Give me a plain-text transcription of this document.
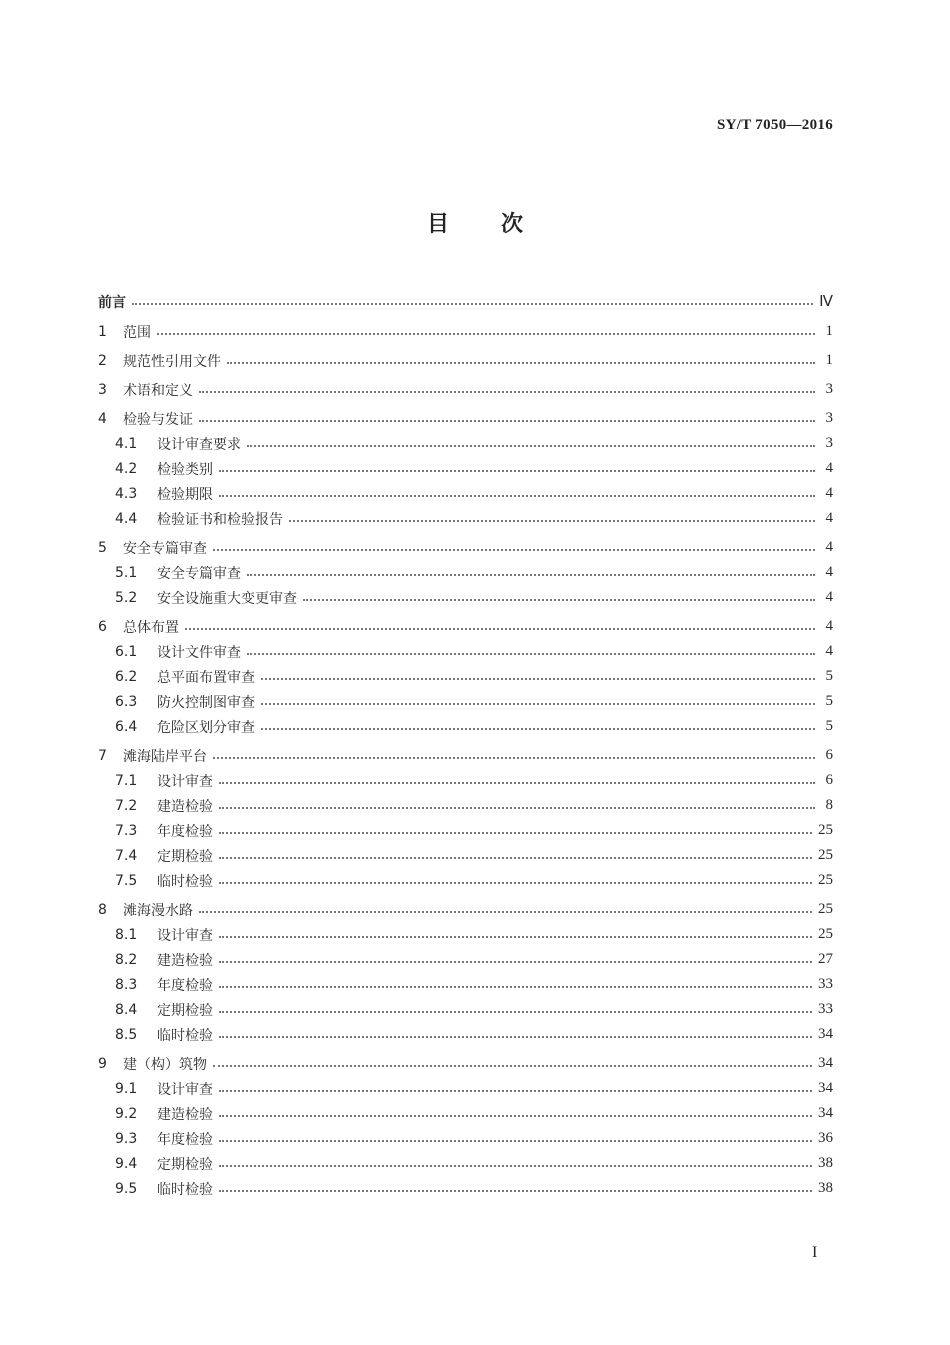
SY/T 7050—2016
目 次
前言	Ⅳ
1	范围	1
2	规范性引用文件	1
3	术语和定义	3
4	检验与发证	3
4.1	设计审查要求	3
4.2	检验类别	4
4.3	检验期限	4
4.4	检验证书和检验报告	4
5	安全专篇审查	4
5.1	安全专篇审查	4
5.2	安全设施重大变更审查	4
6	总体布置	4
6.1	设计文件审查	4
6.2	总平面布置审查	5
6.3	防火控制图审查	5
6.4	危险区划分审查	5
7	滩海陆岸平台	6
7.1	设计审查	6
7.2	建造检验	8
7.3	年度检验	25
7.4	定期检验	25
7.5	临时检验	25
8	滩海漫水路	25
8.1	设计审查	25
8.2	建造检验	27
8.3	年度检验	33
8.4	定期检验	33
8.5	临时检验	34
9	建（构）筑物	34
9.1	设计审查	34
9.2	建造检验	34
9.3	年度检验	36
9.4	定期检验	38
9.5	临时检验	38
I
